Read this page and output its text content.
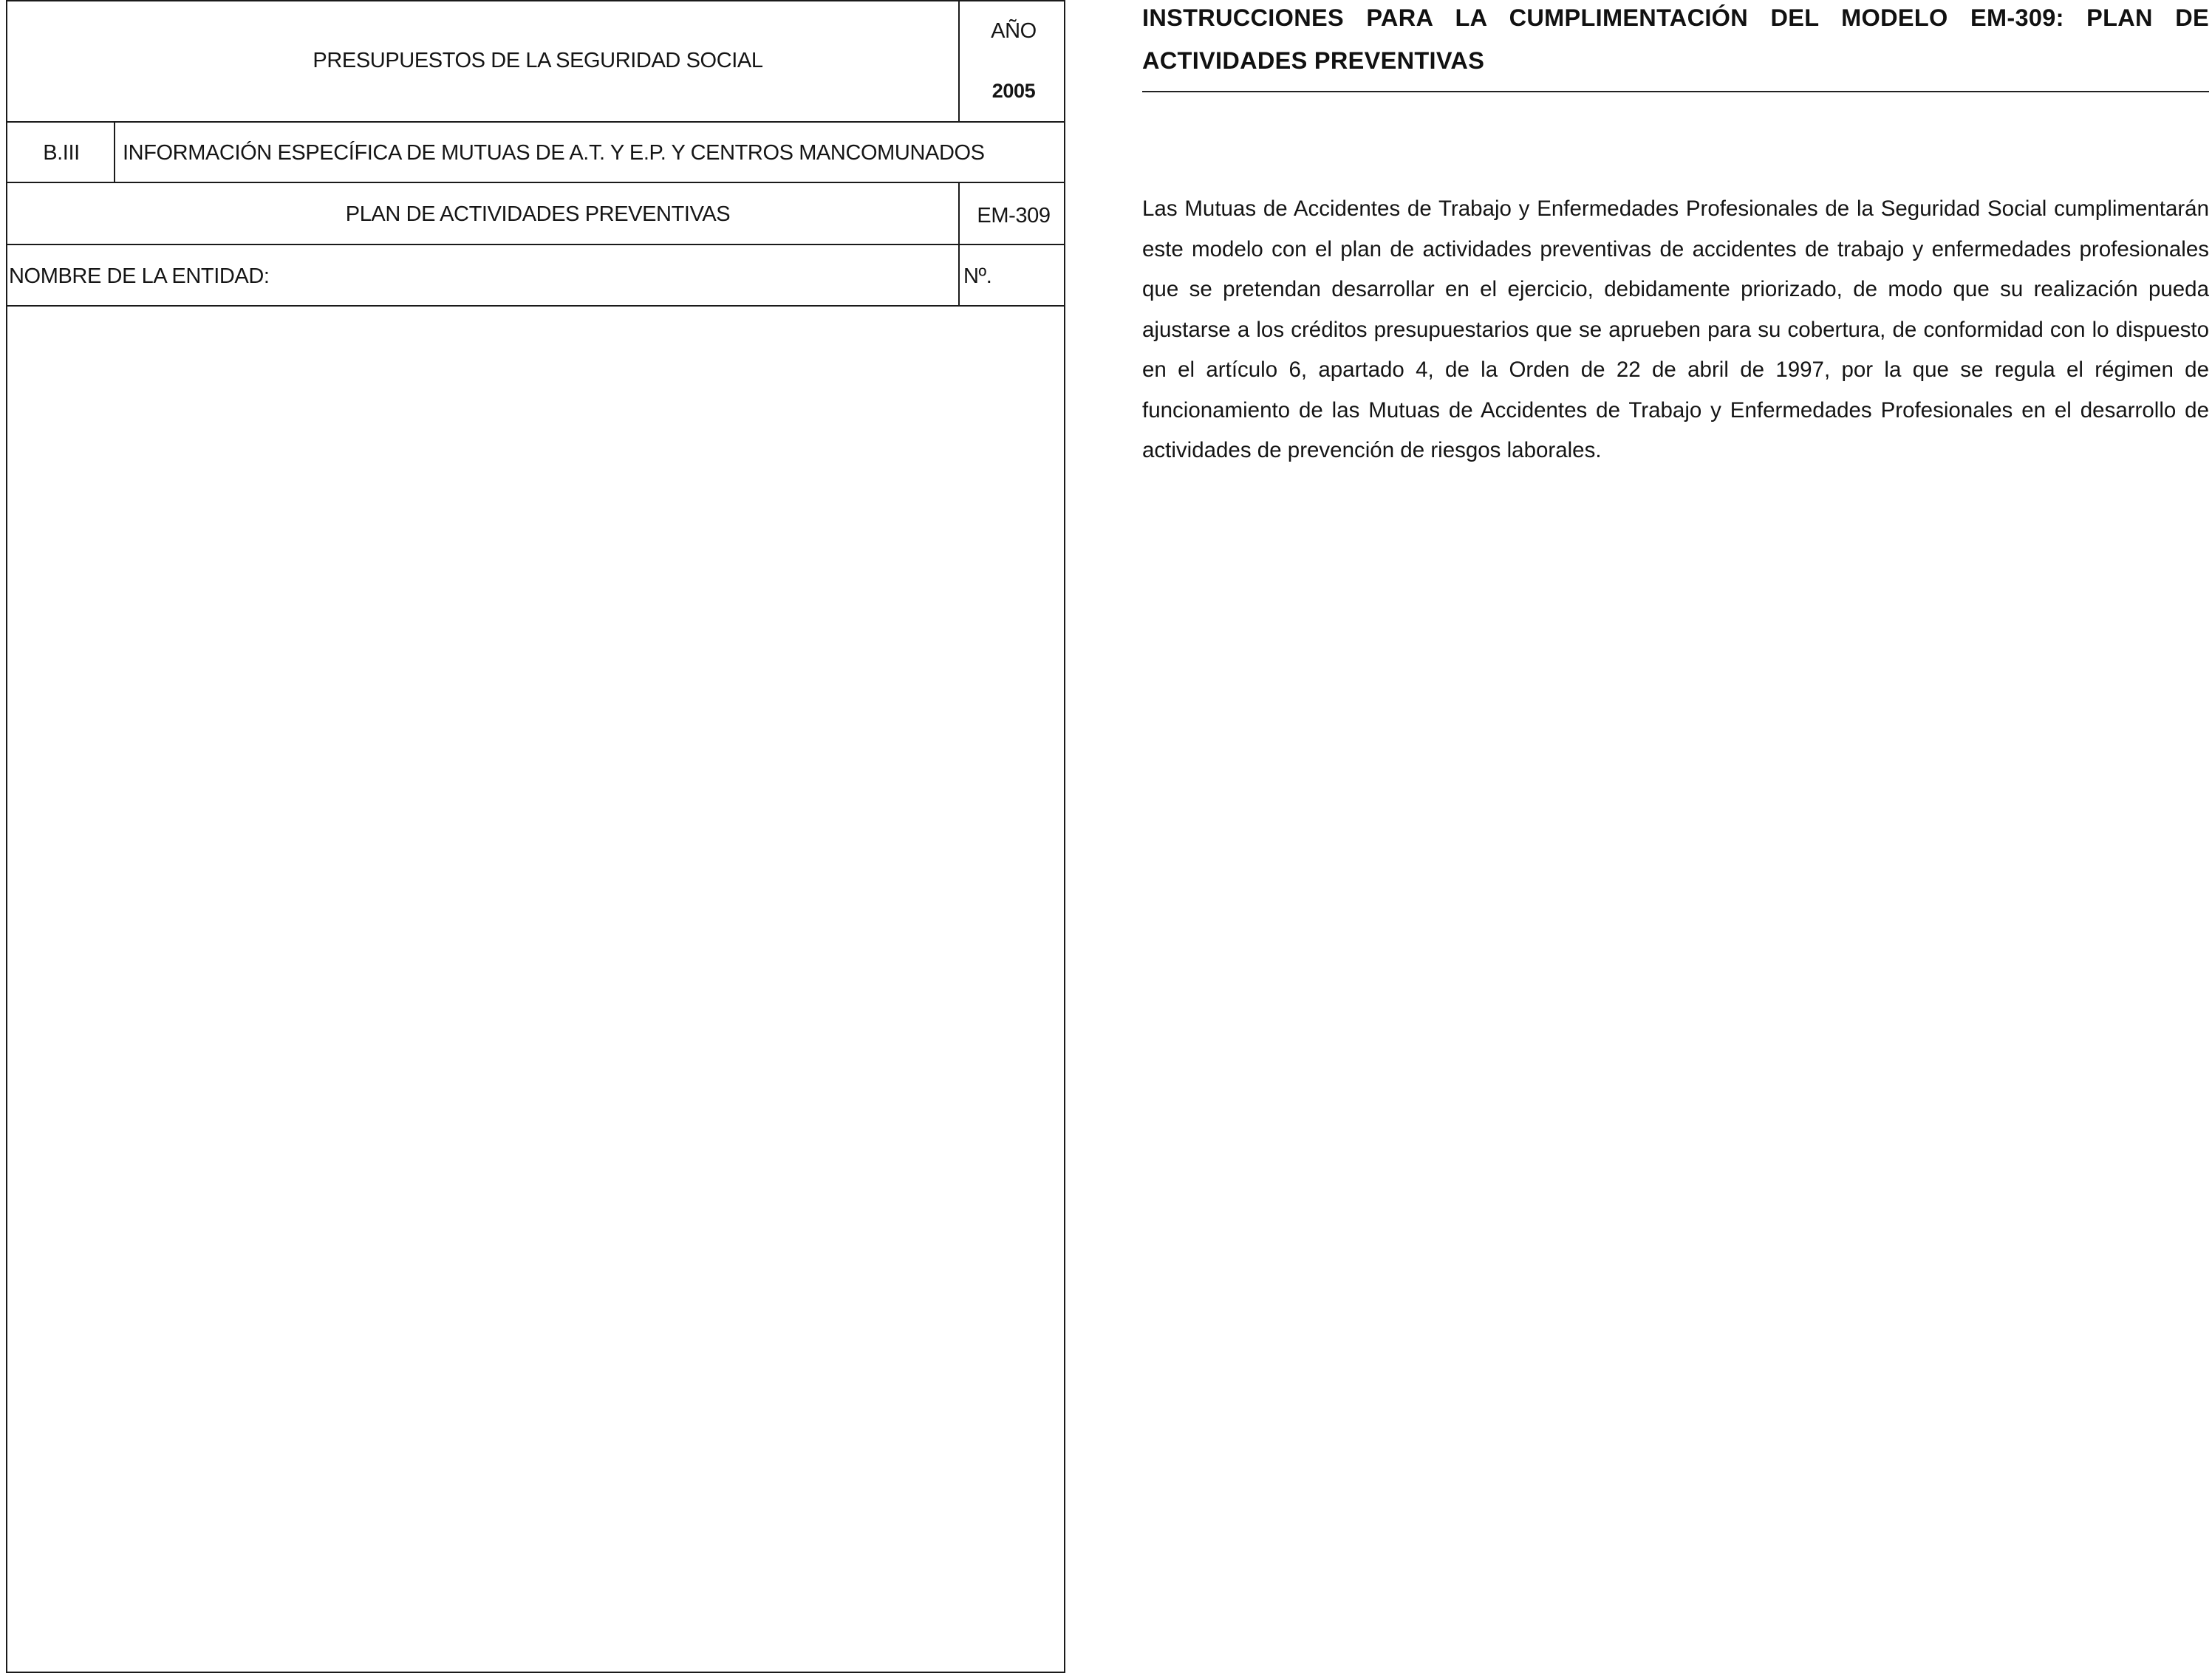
PRESUPUESTOS DE LA SEGURIDAD SOCIAL
AÑO
2005
B.III INFORMACIÓN ESPECÍFICA DE MUTUAS DE A.T. Y E.P. Y CENTROS MANCOMUNADOS
PLAN DE ACTIVIDADES PREVENTIVAS	EM-309
NOMBRE DE LA ENTIDAD:	Nº.
INSTRUCCIONES PARA LA CUMPLIMENTACIÓN DEL MODELO EM-309: PLAN DE ACTIVIDADES PREVENTIVAS
Las Mutuas de Accidentes de Trabajo y Enfermedades Profesionales de la Seguridad Social cumplimentarán este modelo con el plan de actividades preventivas de accidentes de trabajo y enfermedades profesionales que se pretendan desarrollar en el ejercicio, debidamente priorizado, de modo que su realización pueda ajustarse a los créditos presupuestarios que se aprueben para su cobertura, de conformidad con lo dispuesto en el artículo 6, apartado 4, de la Orden de 22 de abril de 1997, por la que se regula el régimen de funcionamiento de las Mutuas de Accidentes de Trabajo y Enfermedades Profesionales en el desarrollo de actividades de prevención de riesgos laborales.
